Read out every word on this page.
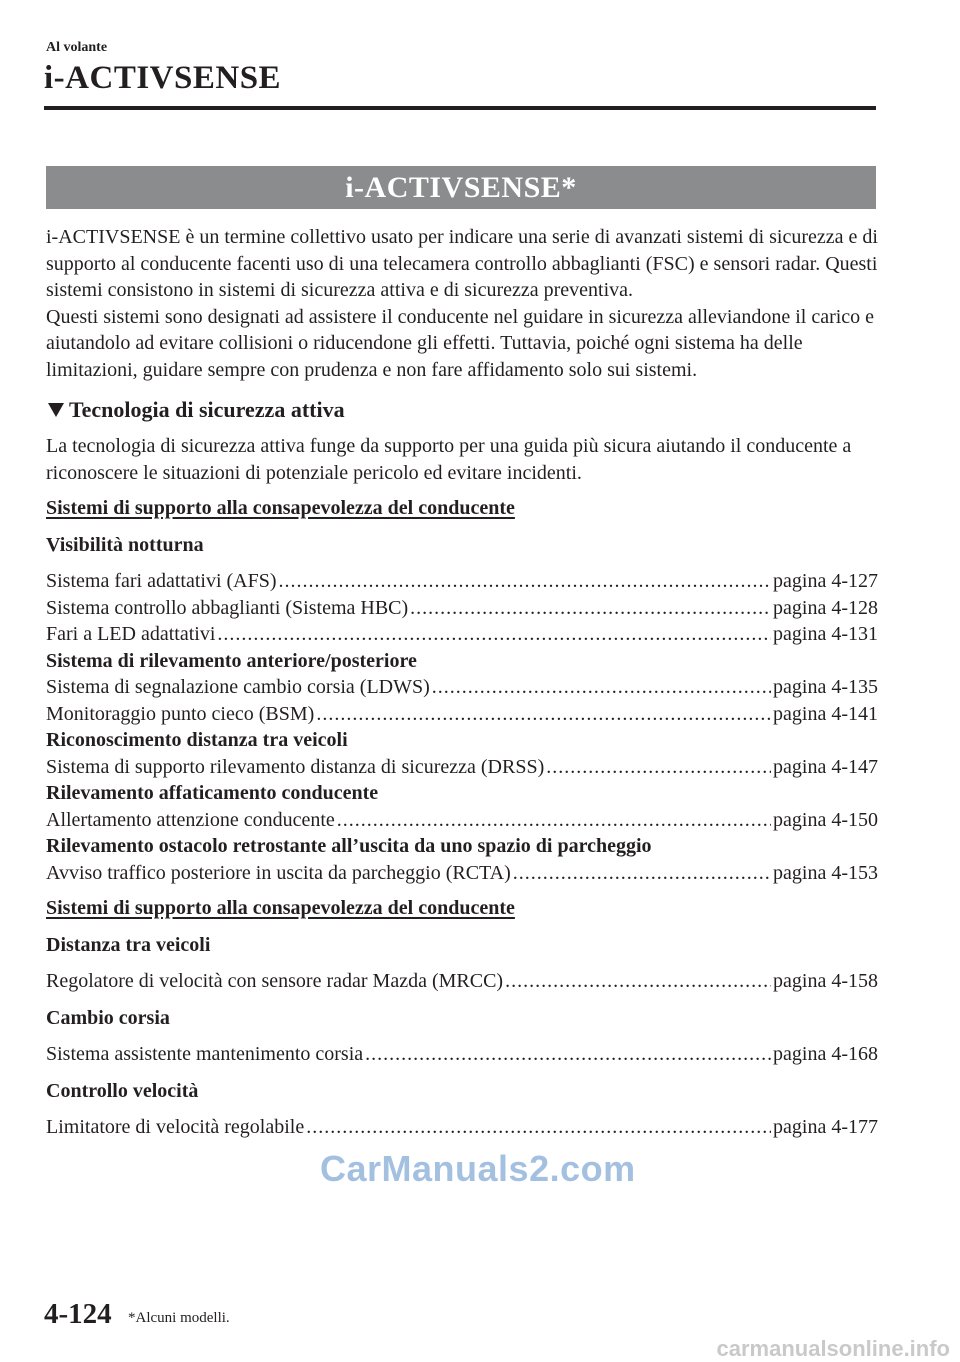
Al volante
i-ACTIVSENSE
i-ACTIVSENSE*

i-ACTIVSENSE è un termine collettivo usato per indicare una serie di avanzati sistemi di sicurezza e di supporto al conducente facenti uso di una telecamera controllo abbaglianti (FSC) e sensori radar. Questi sistemi consistono in sistemi di sicurezza attiva e di sicurezza preventiva.

Questi sistemi sono designati ad assistere il conducente nel guidare in sicurezza alleviandone il carico e aiutandolo ad evitare collisioni o riducendone gli effetti. Tuttavia, poiché ogni sistema ha delle limitazioni, guidare sempre con prudenza e non fare affidamento solo sui sistemi.

Tecnologia di sicurezza attiva

La tecnologia di sicurezza attiva funge da supporto per una guida più sicura aiutando il conducente a riconoscere le situazioni di potenziale pericolo ed evitare incidenti.

Sistemi di supporto alla consapevolezza del conducente
Visibilità notturna
Sistema fari adattativi (AFS) .....	pagina 4-127
Sistema controllo abbaglianti (Sistema HBC) .....	pagina 4-128
Fari a LED adattativi .....	pagina 4-131
Sistema di rilevamento anteriore/posteriore
Sistema di segnalazione cambio corsia (LDWS) .....	pagina 4-135
Monitoraggio punto cieco (BSM) .....	pagina 4-141
Riconoscimento distanza tra veicoli
Sistema di supporto rilevamento distanza di sicurezza (DRSS) .....	pagina 4-147
Rilevamento affaticamento conducente
Allertamento attenzione conducente .....	pagina 4-150
Rilevamento ostacolo retrostante all’uscita da uno spazio di parcheggio
Avviso traffico posteriore in uscita da parcheggio (RCTA) .....	pagina 4-153
Sistemi di supporto alla consapevolezza del conducente
Distanza tra veicoli
Regolatore di velocità con sensore radar Mazda (MRCC) .....	pagina 4-158
Cambio corsia
Sistema assistente mantenimento corsia .....	pagina 4-168
Controllo velocità
Limitatore di velocità regolabile .....	pagina 4-177
CarManuals2.com
4-124 *Alcuni modelli.
carmanualsonline.info
